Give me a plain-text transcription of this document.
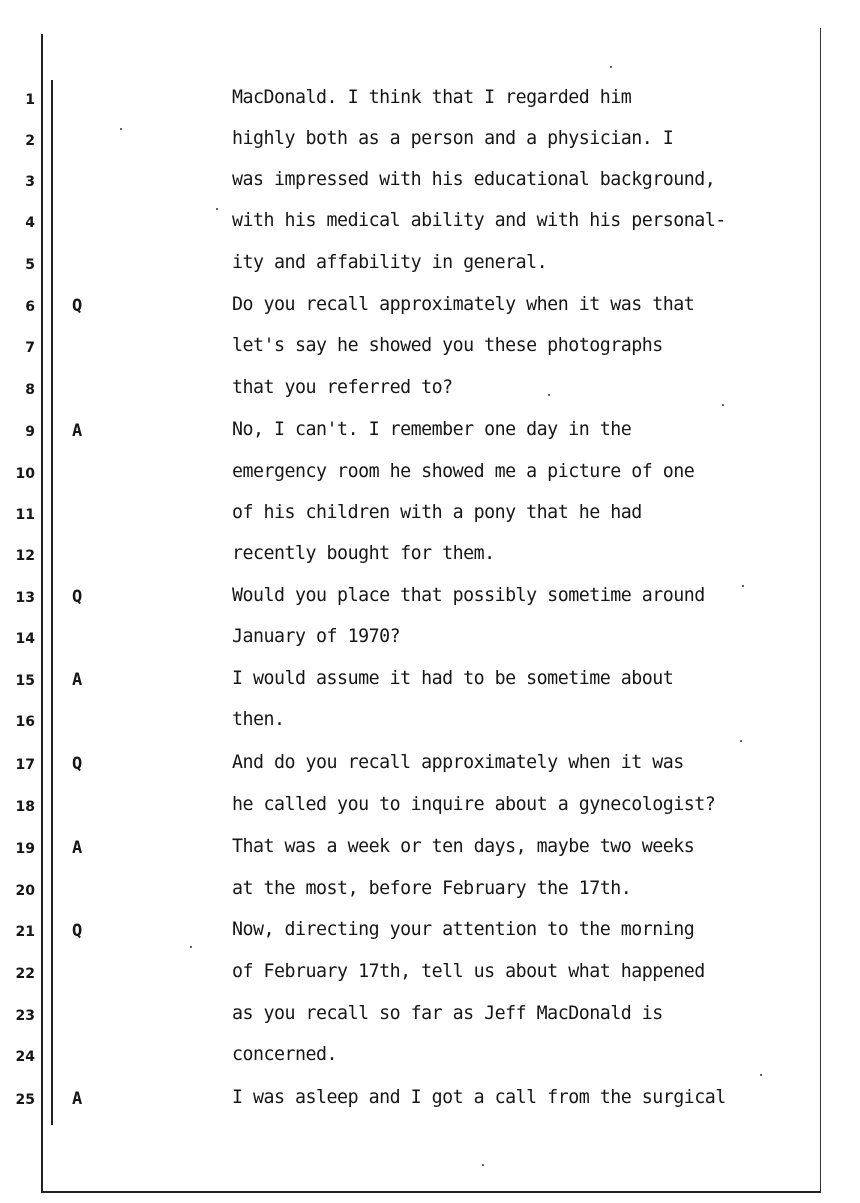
1	MacDonald. I think that I regarded him
2	highly both as a person and a physician. I
3	was impressed with his educational background,
4	with his medical ability and with his personal-
5	ity and affability in general.
6 Q	Do you recall approximately when it was that
7	let's say he showed you these photographs
8	that you referred to?
9 A	No, I can't. I remember one day in the
10	emergency room he showed me a picture of one
11	of his children with a pony that he had
12	recently bought for them.
13 Q	Would you place that possibly sometime around
14	January of 1970?
15 A	I would assume it had to be sometime about
16	then.
17 Q	And do you recall approximately when it was
18	he called you to inquire about a gynecologist?
19 A	That was a week or ten days, maybe two weeks
20	at the most, before February the 17th.
21 Q	Now, directing your attention to the morning
22	of February 17th, tell us about what happened
23	as you recall so far as Jeff MacDonald is
24	concerned.
25 A	I was asleep and I got a call from the surgical
